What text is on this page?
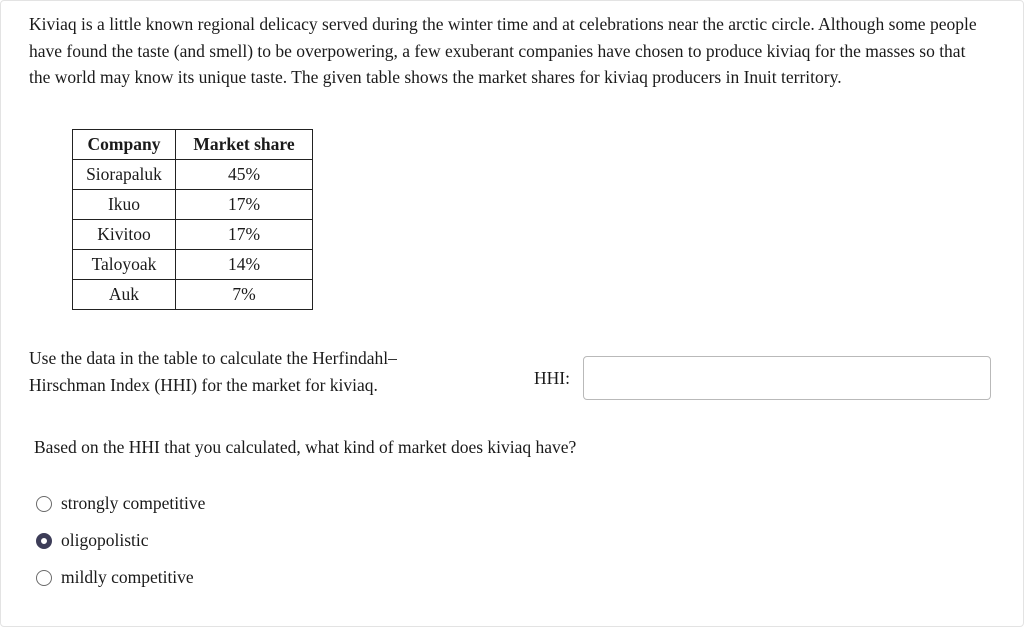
Kiviaq is a little known regional delicacy served during the winter time and at celebrations near the arctic circle. Although some people have found the taste (and smell) to be overpowering, a few exuberant companies have chosen to produce kiviaq for the masses so that the world may know its unique taste. The given table shows the market shares for kiviaq producers in Inuit territory.
Company	Market share
Siorapaluk	45%
Ikuo	17%
Kivitoo	17%
Taloyoak	14%
Auk	7%
Use the data in the table to calculate the Herfindahl–Hirschman Index (HHI) for the market for kiviaq.	HHI:
Based on the HHI that you calculated, what kind of market does kiviaq have?
strongly competitive
oligopolistic
mildly competitive
